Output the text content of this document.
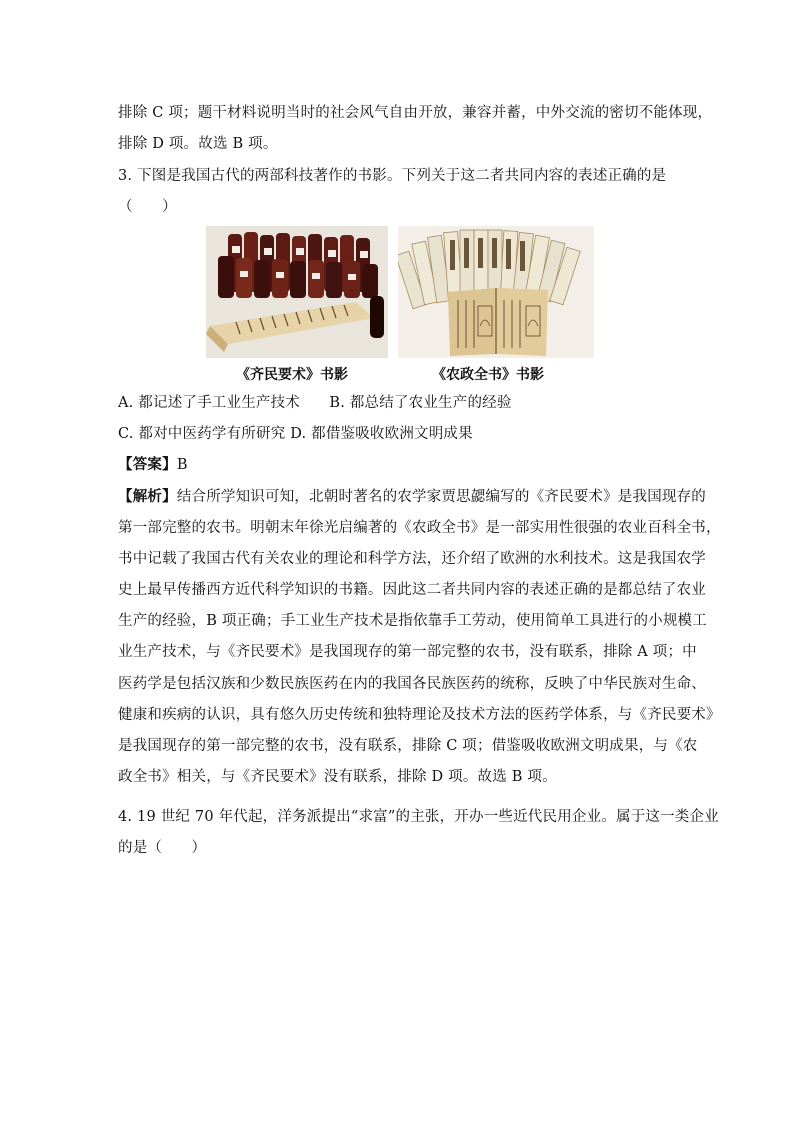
排除 C 项；题干材料说明当时的社会风气自由开放，兼容并蓄，中外交流的密切不能体现，
排除 D 项。故选 B 项。
3. 下图是我国古代的两部科技著作的书影。下列关于这二者共同内容的表述正确的是
（　　）
《齐民要术》书影	《农政全书》书影
A. 都记述了手工业生产技术　　B. 都总结了农业生产的经验
C. 都对中医药学有所研究 D. 都借鉴吸收欧洲文明成果
【答案】B
【解析】结合所学知识可知，北朝时著名的农学家贾思勰编写的《齐民要术》是我国现存的
第一部完整的农书。明朝末年徐光启编著的《农政全书》是一部实用性很强的农业百科全书，
书中记载了我国古代有关农业的理论和科学方法，还介绍了欧洲的水利技术。这是我国农学
史上最早传播西方近代科学知识的书籍。因此这二者共同内容的表述正确的是都总结了农业
生产的经验，B 项正确；手工业生产技术是指依靠手工劳动，使用简单工具进行的小规模工
业生产技术，与《齐民要术》是我国现存的第一部完整的农书，没有联系，排除 A 项；中
医药学是包括汉族和少数民族医药在内的我国各民族医药的统称，反映了中华民族对生命、
健康和疾病的认识，具有悠久历史传统和独特理论及技术方法的医药学体系，与《齐民要术》
是我国现存的第一部完整的农书，没有联系，排除 C 项；借鉴吸收欧洲文明成果，与《农
政全书》相关，与《齐民要术》没有联系，排除 D 项。故选 B 项。
4. 19 世纪 70 年代起，洋务派提出“求富”的主张，开办一些近代民用企业。属于这一类企业
的是（　　）
